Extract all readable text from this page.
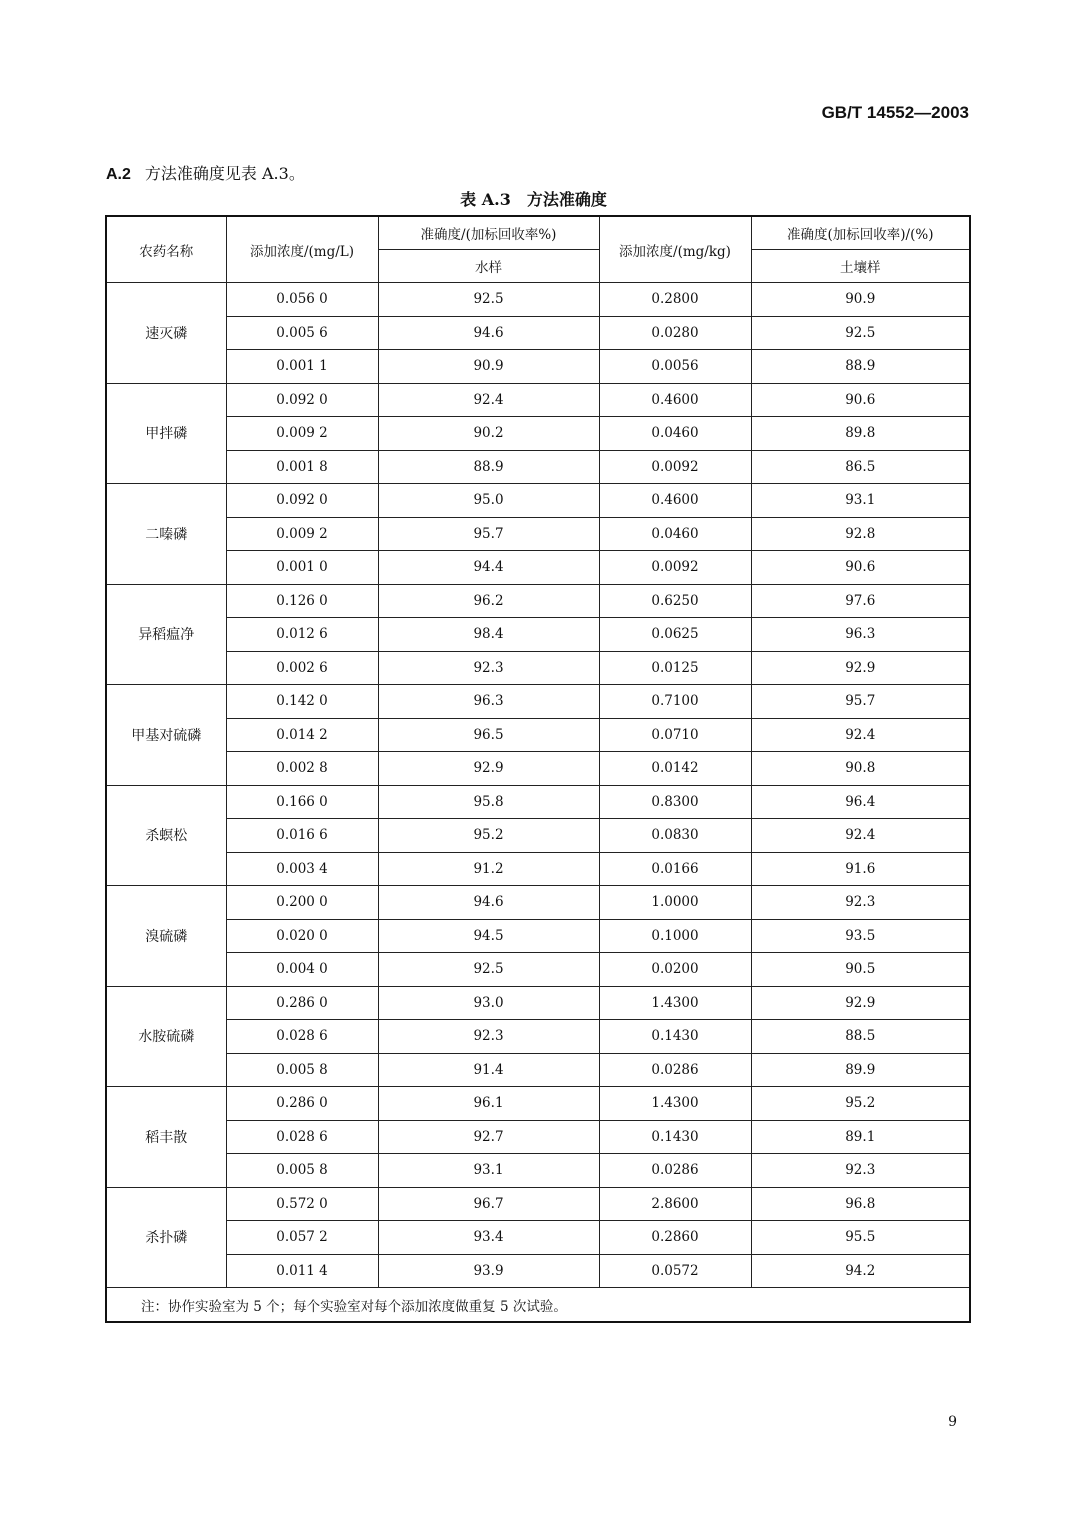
GB/T 14552—2003
A.2 方法准确度见表 A.3。
表 A.3　方法准确度
农药名称	添加浓度/(mg/L)	准确度/(加标回收率%)	添加浓度/(mg/kg)	准确度(加标回收率)/(%)
		水样		土壤样
速灭磷	0.056 0	92.5	0.2800	90.9
	0.005 6	94.6	0.0280	92.5
	0.001 1	90.9	0.0056	88.9
甲拌磷	0.092 0	92.4	0.4600	90.6
	0.009 2	90.2	0.0460	89.8
	0.001 8	88.9	0.0092	86.5
二嗪磷	0.092 0	95.0	0.4600	93.1
	0.009 2	95.7	0.0460	92.8
	0.001 0	94.4	0.0092	90.6
异稻瘟净	0.126 0	96.2	0.6250	97.6
	0.012 6	98.4	0.0625	96.3
	0.002 6	92.3	0.0125	92.9
甲基对硫磷	0.142 0	96.3	0.7100	95.7
	0.014 2	96.5	0.0710	92.4
	0.002 8	92.9	0.0142	90.8
杀螟松	0.166 0	95.8	0.8300	96.4
	0.016 6	95.2	0.0830	92.4
	0.003 4	91.2	0.0166	91.6
溴硫磷	0.200 0	94.6	1.0000	92.3
	0.020 0	94.5	0.1000	93.5
	0.004 0	92.5	0.0200	90.5
水胺硫磷	0.286 0	93.0	1.4300	92.9
	0.028 6	92.3	0.1430	88.5
	0.005 8	91.4	0.0286	89.9
稻丰散	0.286 0	96.1	1.4300	95.2
	0.028 6	92.7	0.1430	89.1
	0.005 8	93.1	0.0286	92.3
杀扑磷	0.572 0	96.7	2.8600	96.8
	0.057 2	93.4	0.2860	95.5
	0.011 4	93.9	0.0572	94.2
注：协作实验室为 5 个；每个实验室对每个添加浓度做重复 5 次试验。				
9
